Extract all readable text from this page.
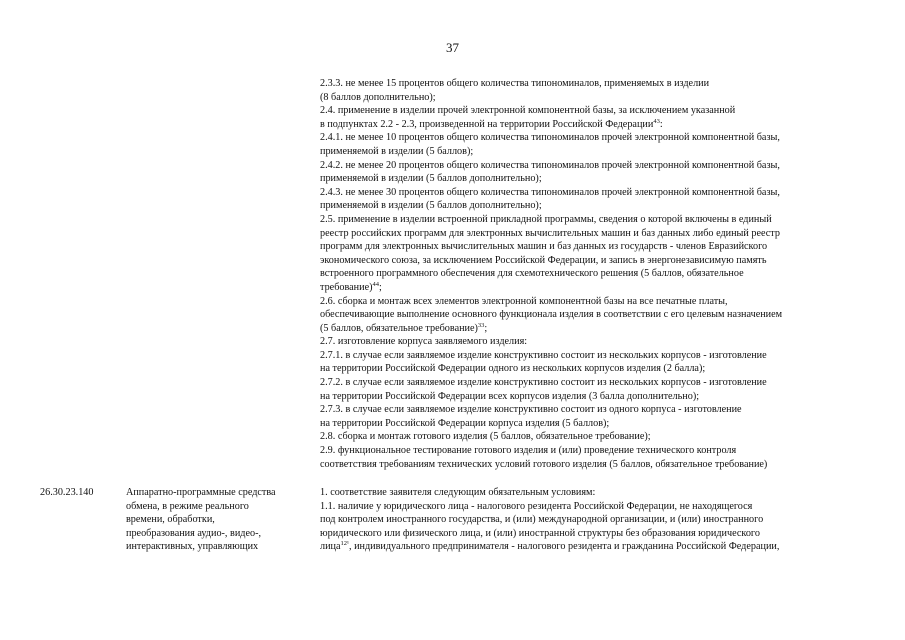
37
2.3.3. не менее 15 процентов общего количества типономиналов, применяемых в изделии
(8 баллов дополнительно);
2.4. применение в изделии прочей электронной компонентной базы, за исключением указанной
в подпунктах 2.2 - 2.3, произведенной на территории Российской Федерации$^{43}$:
2.4.1. не менее 10 процентов общего количества типономиналов прочей электронной компонентной базы,
применяемой в изделии (5 баллов);
2.4.2. не менее 20 процентов общего количества типономиналов прочей электронной компонентной базы,
применяемой в изделии (5 баллов дополнительно);
2.4.3. не менее 30 процентов общего количества типономиналов прочей электронной компонентной базы,
применяемой в изделии (5 баллов дополнительно);
2.5. применение в изделии встроенной прикладной программы, сведения о которой включены в единый
реестр российских программ для электронных вычислительных машин и баз данных либо единый реестр
программ для электронных вычислительных машин и баз данных из государств - членов Евразийского
экономического союза, за исключением Российской Федерации, и запись в энергонезависимую память
встроенного программного обеспечения для схемотехнического решения (5 баллов, обязательное
требование)$^{44}$;
2.6. сборка и монтаж всех элементов электронной компонентной базы на все печатные платы,
обеспечивающие выполнение основного функционала изделия в соответствии с его целевым назначением
(5 баллов, обязательное требование)$^{33}$;
2.7. изготовление корпуса заявляемого изделия:
2.7.1. в случае если заявляемое изделие конструктивно состоит из нескольких корпусов - изготовление
на территории Российской Федерации одного из нескольких корпусов изделия (2 балла);
2.7.2. в случае если заявляемое изделие конструктивно состоит из нескольких корпусов - изготовление
на территории Российской Федерации всех корпусов изделия (3 балла дополнительно);
2.7.3. в случае если заявляемое изделие конструктивно состоит из одного корпуса - изготовление
на территории Российской Федерации корпуса изделия (5 баллов);
2.8. сборка и монтаж готового изделия (5 баллов, обязательное требование);
2.9. функциональное тестирование готового изделия и (или) проведение технического контроля
соответствия требованиям технических условий готового изделия (5 баллов, обязательное требование)
26.30.23.140	Аппаратно-программные средства
обмена, в режиме реального
времени, обработки,
преобразования аудио-, видео-,
интерактивных, управляющих
1. соответствие заявителя следующим обязательным условиям:
1.1. наличие у юридического лица - налогового резидента Российской Федерации, не находящегося
под контролем иностранного государства, и (или) международной организации, и (или) иностранного
юридического или физического лица, и (или) иностранной структуры без образования юридического
лица$^{12^1}$, индивидуального предпринимателя - налогового резидента и гражданина Российской Федерации,
